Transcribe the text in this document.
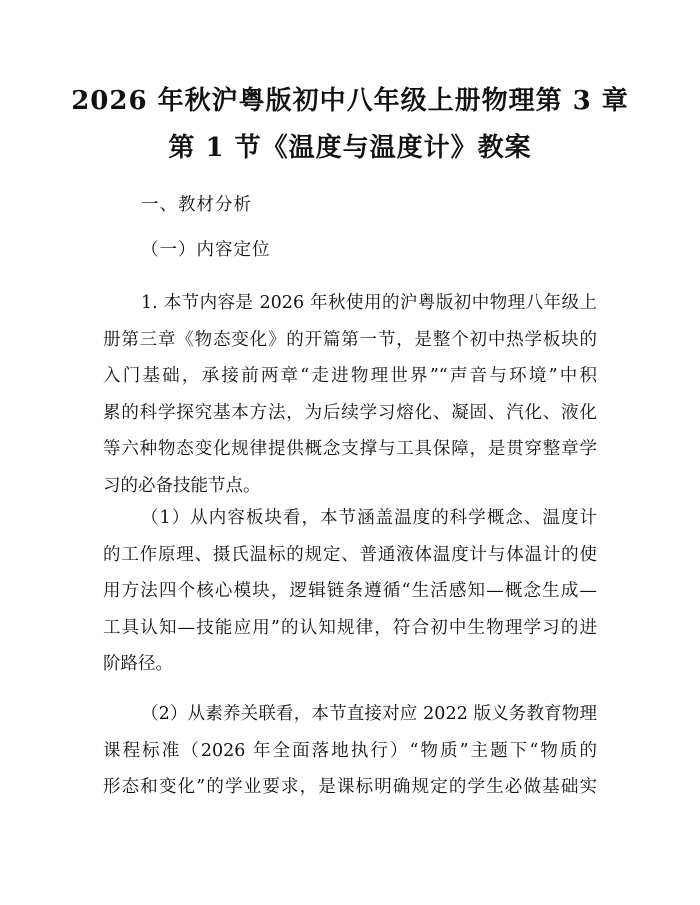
2026 年秋沪粤版初中八年级上册物理第 3 章
第 1 节《温度与温度计》教案
一、教材分析
（一）内容定位
1. 本节内容是 2026 年秋使用的沪粤版初中物理八年级上
册第三章《物态变化》的开篇第一节，是整个初中热学板块的
入门基础，承接前两章“走进物理世界”“声音与环境”中积
累的科学探究基本方法，为后续学习熔化、凝固、汽化、液化
等六种物态变化规律提供概念支撑与工具保障，是贯穿整章学
习的必备技能节点。
（1）从内容板块看，本节涵盖温度的科学概念、温度计
的工作原理、摄氏温标的规定、普通液体温度计与体温计的使
用方法四个核心模块，逻辑链条遵循“生活感知—概念生成—
工具认知—技能应用”的认知规律，符合初中生物理学习的进
阶路径。
（2）从素养关联看，本节直接对应 2022 版义务教育物理
课程标准（2026 年全面落地执行）“物质”主题下“物质的
形态和变化”的学业要求，是课标明确规定的学生必做基础实
